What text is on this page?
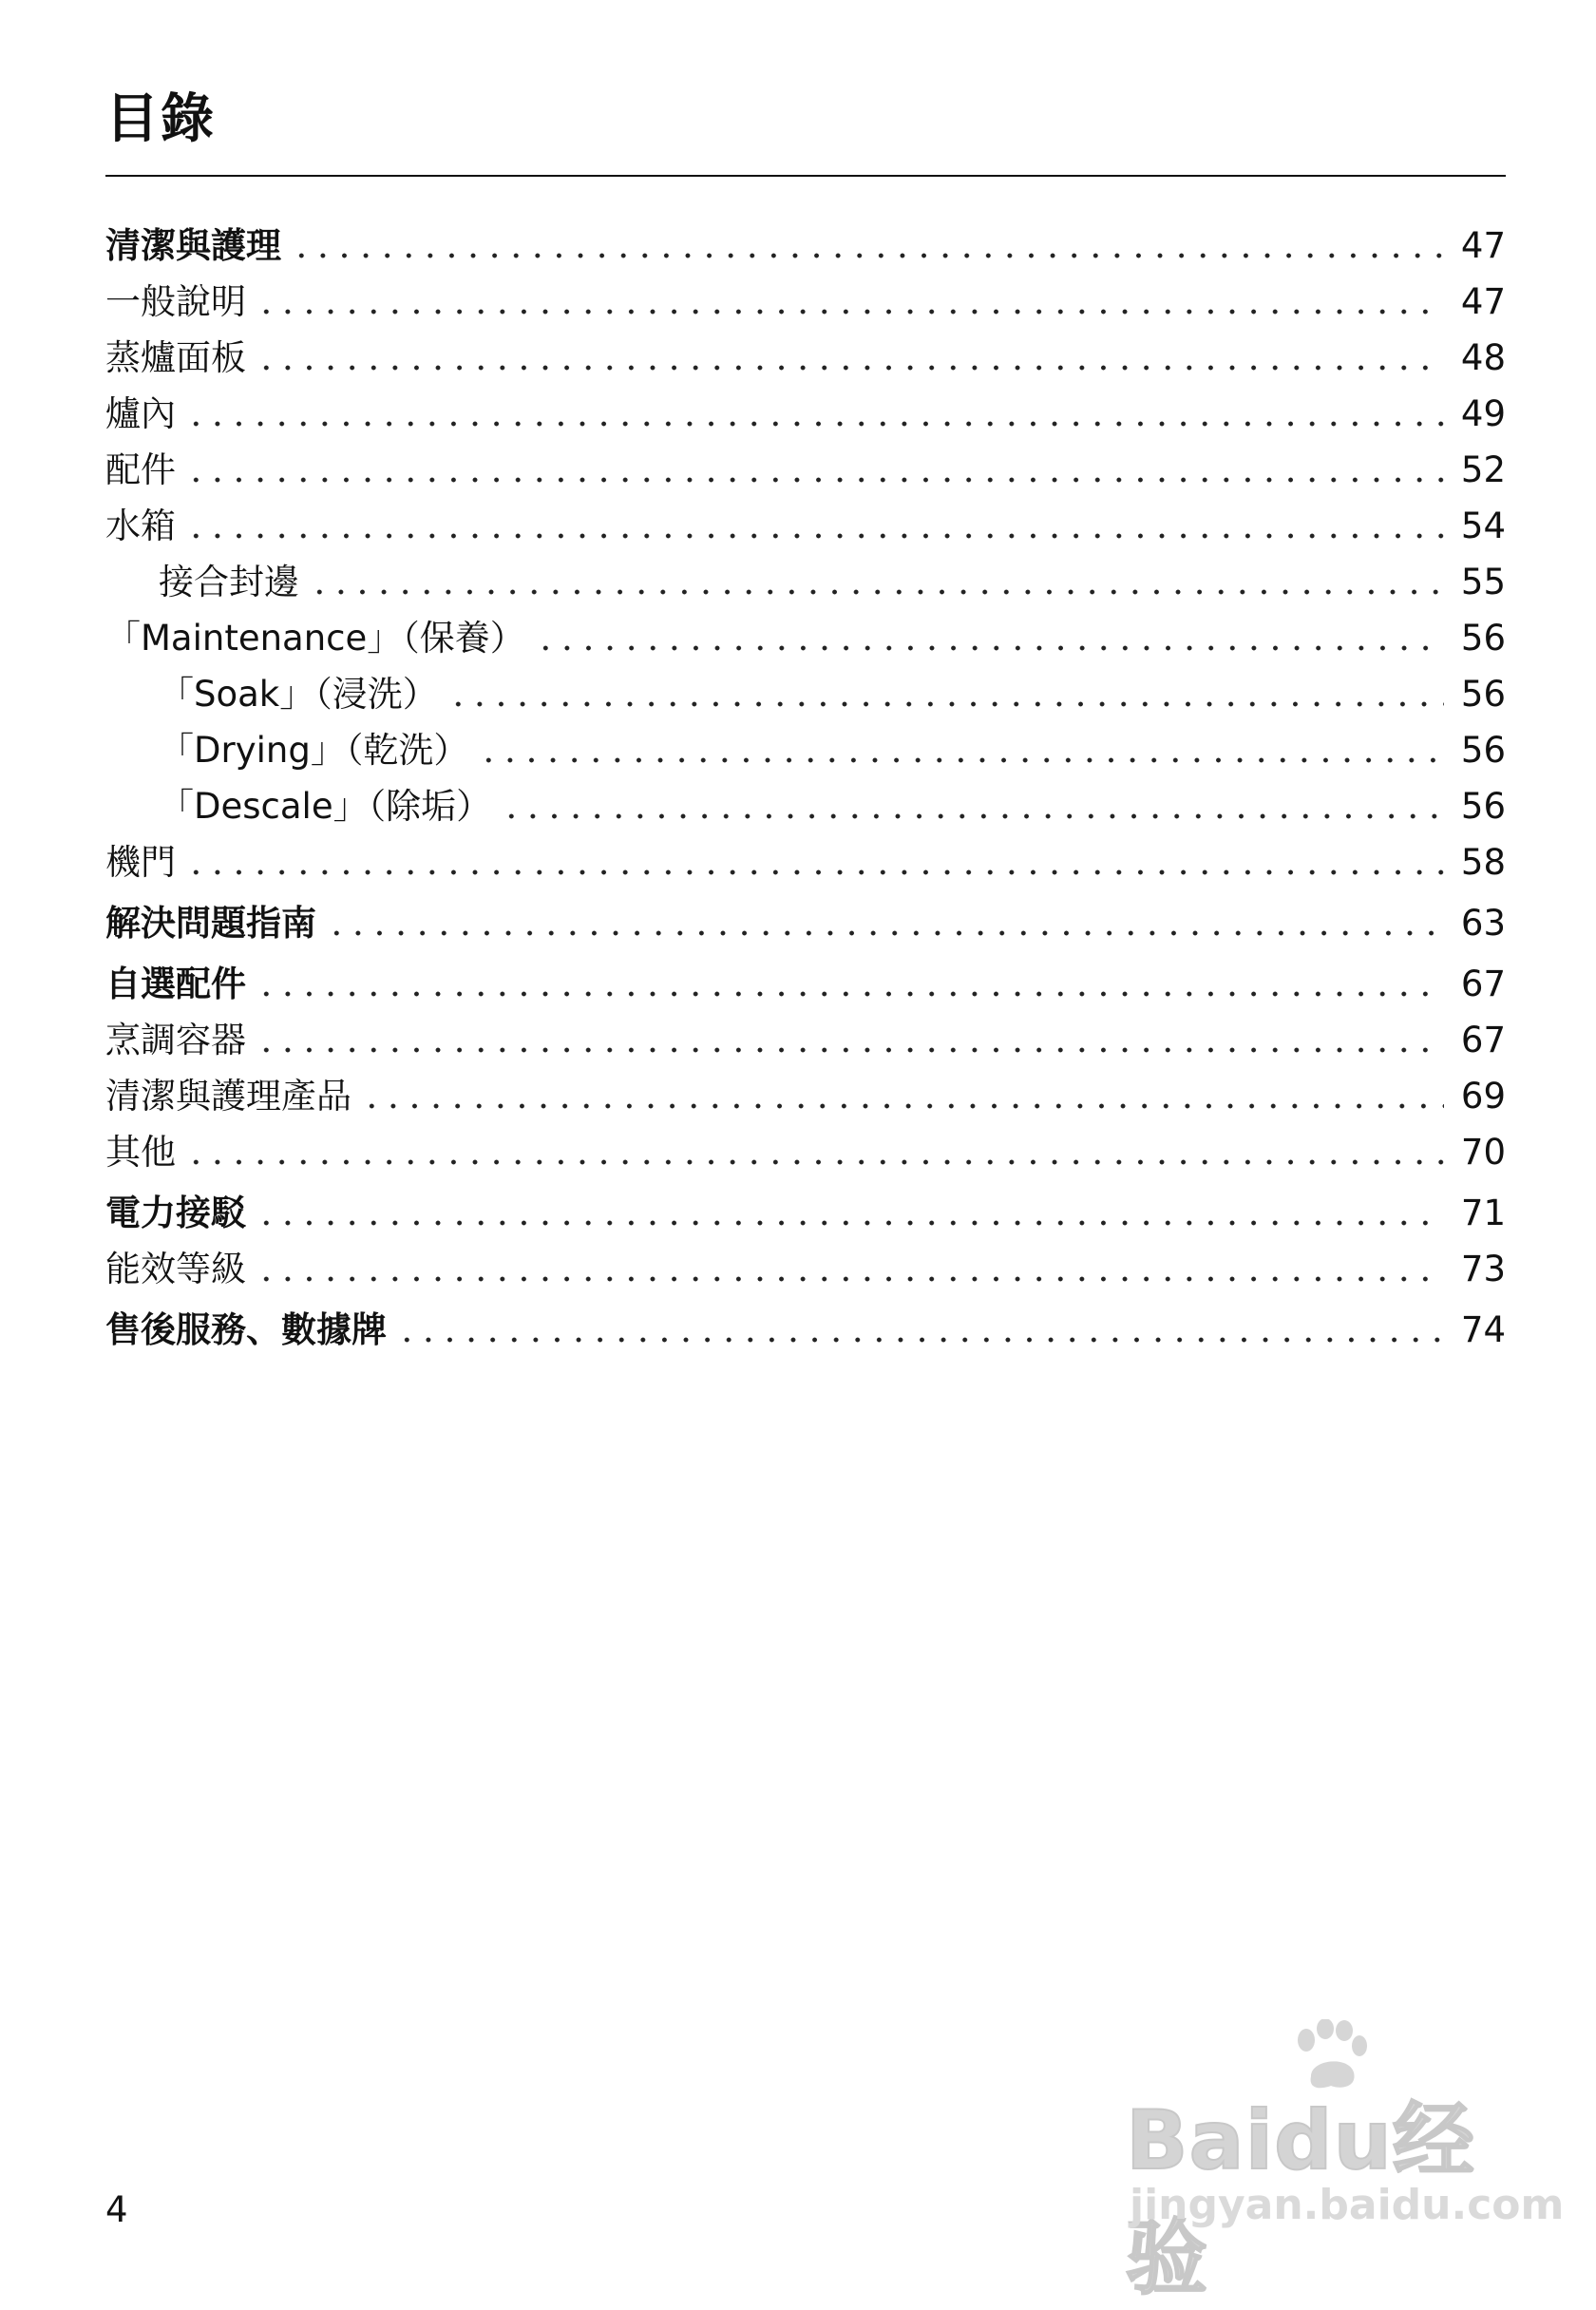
目錄
清潔與護理	47
一般說明	47
蒸爐面板	48
爐內	49
配件	52
水箱	54
接合封邊	55
「Maintenance」（保養）	56
「Soak」（浸洗）	56
「Drying」（乾洗）	56
「Descale」（除垢）	56
機門	58
解決問題指南	63
自選配件	67
烹調容器	67
清潔與護理產品	69
其他	70
電力接駁	71
能效等級	73
售後服務、數據牌	74
4
Baidu经验
jingyan.baidu.com
